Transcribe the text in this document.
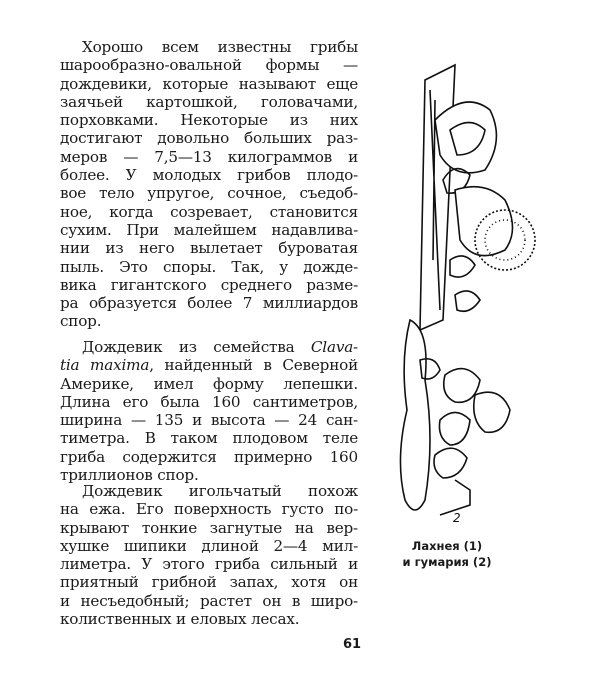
Хорошо всем известны грибы
шарообразно-овальной формы —
дождевики, которые называют еще
заячьей картошкой, головачами,
порховками. Некоторые из них
достигают довольно больших раз-
меров — 7,5—13 килограммов и
более. У молодых грибов плодо-
вое тело упругое, сочное, съедоб-
ное, когда созревает, становится
сухим. При малейшем надавлива-
нии из него вылетает буроватая
пыль. Это споры. Так, у дожде-
вика гигантского среднего разме-
ра образуется более 7 миллиардов
спор.
Дождевик из семейства Clava-
tia maxima, найденный в Северной
Америке, имел форму лепешки.
Длина его была 160 сантиметров,
ширина — 135 и высота — 24 сан-
тиметра. В таком плодовом теле
гриба содержится примерно 160
триллионов спор.
Дождевик игольчатый похож
на ежа. Его поверхность густо по-
крывают тонкие загнутые на вер-
хушке шипики длиной 2—4 мил-
лиметра. У этого гриба сильный и
приятный грибной запах, хотя он
и несъедобный; растет он в широ-
колиственных и еловых лесах.
2
Лахнея (1)
и гумария (2)
61
